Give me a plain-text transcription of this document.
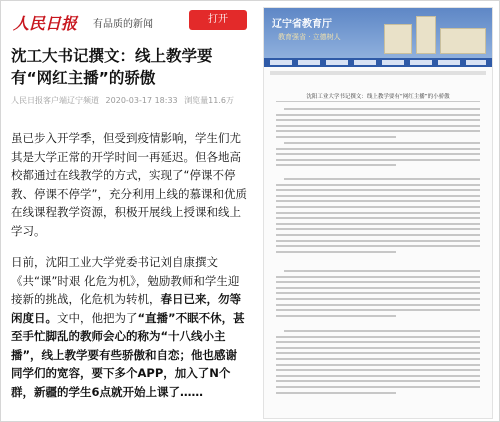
人民日报 有品质的新闻	打开
沈工大书记撰文：线上教学要有“网红主播”的骄傲
人民日报客户端辽宁频道 2020-03-17 18:33 浏览量11.6万
虽已步入开学季，但受到疫情影响，学生们尤其是大学正常的开学时间一再延迟。但各地高校都通过在线教学的方式，实现了“停课不停教、停课不停学”，充分利用上线的慕课和优质在线课程教学资源，积极开展线上授课和线上学习。
日前，沈阳工业大学党委书记刘自康撰文《共“课”时艰 化危为机》，勉励教师和学生迎接新的挑战，化危机为转机，春日已来，勿等闲度日。文中，他把为了“直播”不眠不休，甚至手忙脚乱的教师会心的称为“十八线小主播”，线上教学要有些骄傲和自恋；他也感谢同学们的宽容，要下多个APP，加入了N个群，新疆的学生6点就开始上课了……
辽宁省教育厅
教育强省 · 立德树人
沈阳工业大学书记撰文：线上教学要有“网红主播”的小骄傲
